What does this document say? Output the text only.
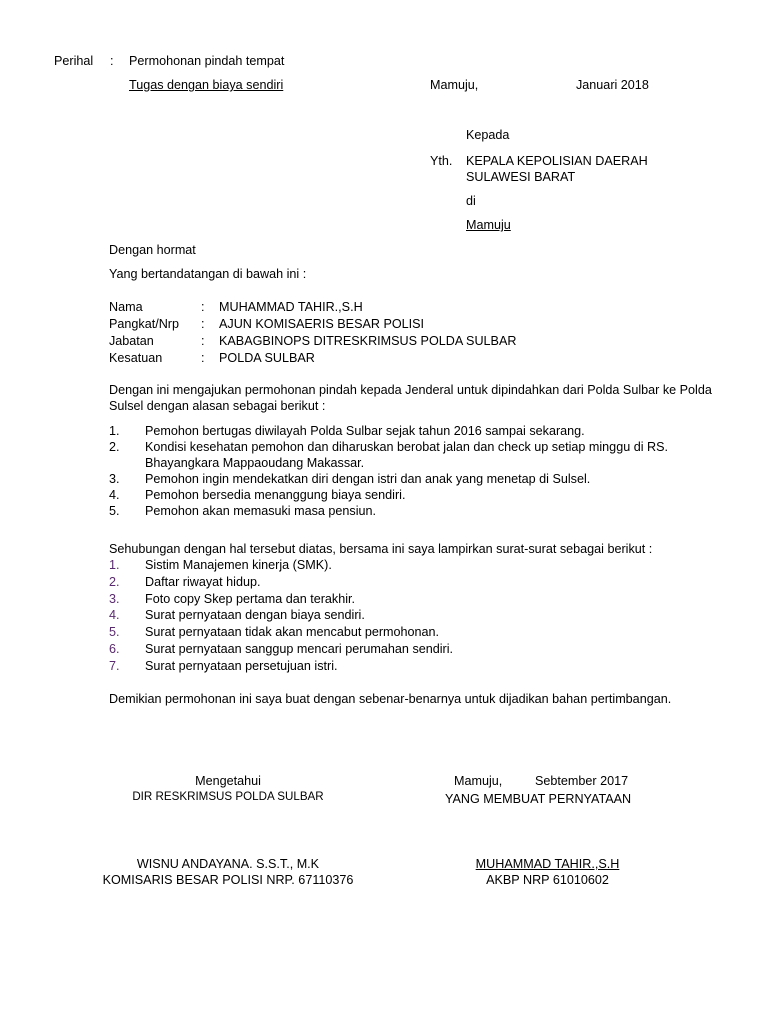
Perihal : Permohonan pindah tempat
Tugas dengan biaya sendiri	Mamuju,	Januari 2018
Kepada
Yth. KEPALA KEPOLISIAN DAERAH
SULAWESI BARAT
di
Mamuju
Dengan hormat
Yang bertandatangan di bawah ini :
Nama	: MUHAMMAD TAHIR.,S.H
Pangkat/Nrp : AJUN KOMISAERIS BESAR POLISI
Jabatan	: KABAGBINOPS DITRESKRIMSUS POLDA SULBAR
Kesatuan	: POLDA SULBAR

Dengan ini mengajukan permohonan pindah kepada Jenderal untuk dipindahkan dari Polda Sulbar ke Polda Sulsel dengan alasan sebagai berikut :

1. Pemohon bertugas diwilayah Polda Sulbar sejak tahun 2016 sampai sekarang.
2. Kondisi kesehatan pemohon dan diharuskan berobat jalan dan check up setiap minggu di RS. Bhayangkara Mappaoudang Makassar.
3. Pemohon ingin mendekatkan diri dengan istri dan anak yang menetap di Sulsel.
4. Pemohon bersedia menanggung biaya sendiri.
5. Pemohon akan memasuki masa pensiun.
Sehubungan dengan hal tersebut diatas, bersama ini saya lampirkan surat-surat sebagai berikut :
1. Sistim Manajemen kinerja (SMK).
2. Daftar riwayat hidup.
3. Foto copy Skep pertama dan terakhir.
4. Surat pernyataan dengan biaya sendiri.
5. Surat pernyataan tidak akan mencabut permohonan.
6. Surat pernyataan sanggup mencari perumahan sendiri.
7. Surat pernyataan persetujuan istri.
Demikian permohonan ini saya buat dengan sebenar-benarnya untuk dijadikan bahan pertimbangan.
Mengetahui
DIR RESKRIMSUS POLDA SULBAR
WISNU ANDAYANA. S.S.T., M.K
KOMISARIS BESAR POLISI NRP. 67110376
Mamuju,	Sebtember 2017
YANG MEMBUAT PERNYATAAN
MUHAMMAD TAHIR.,S.H
AKBP NRP 61010602
